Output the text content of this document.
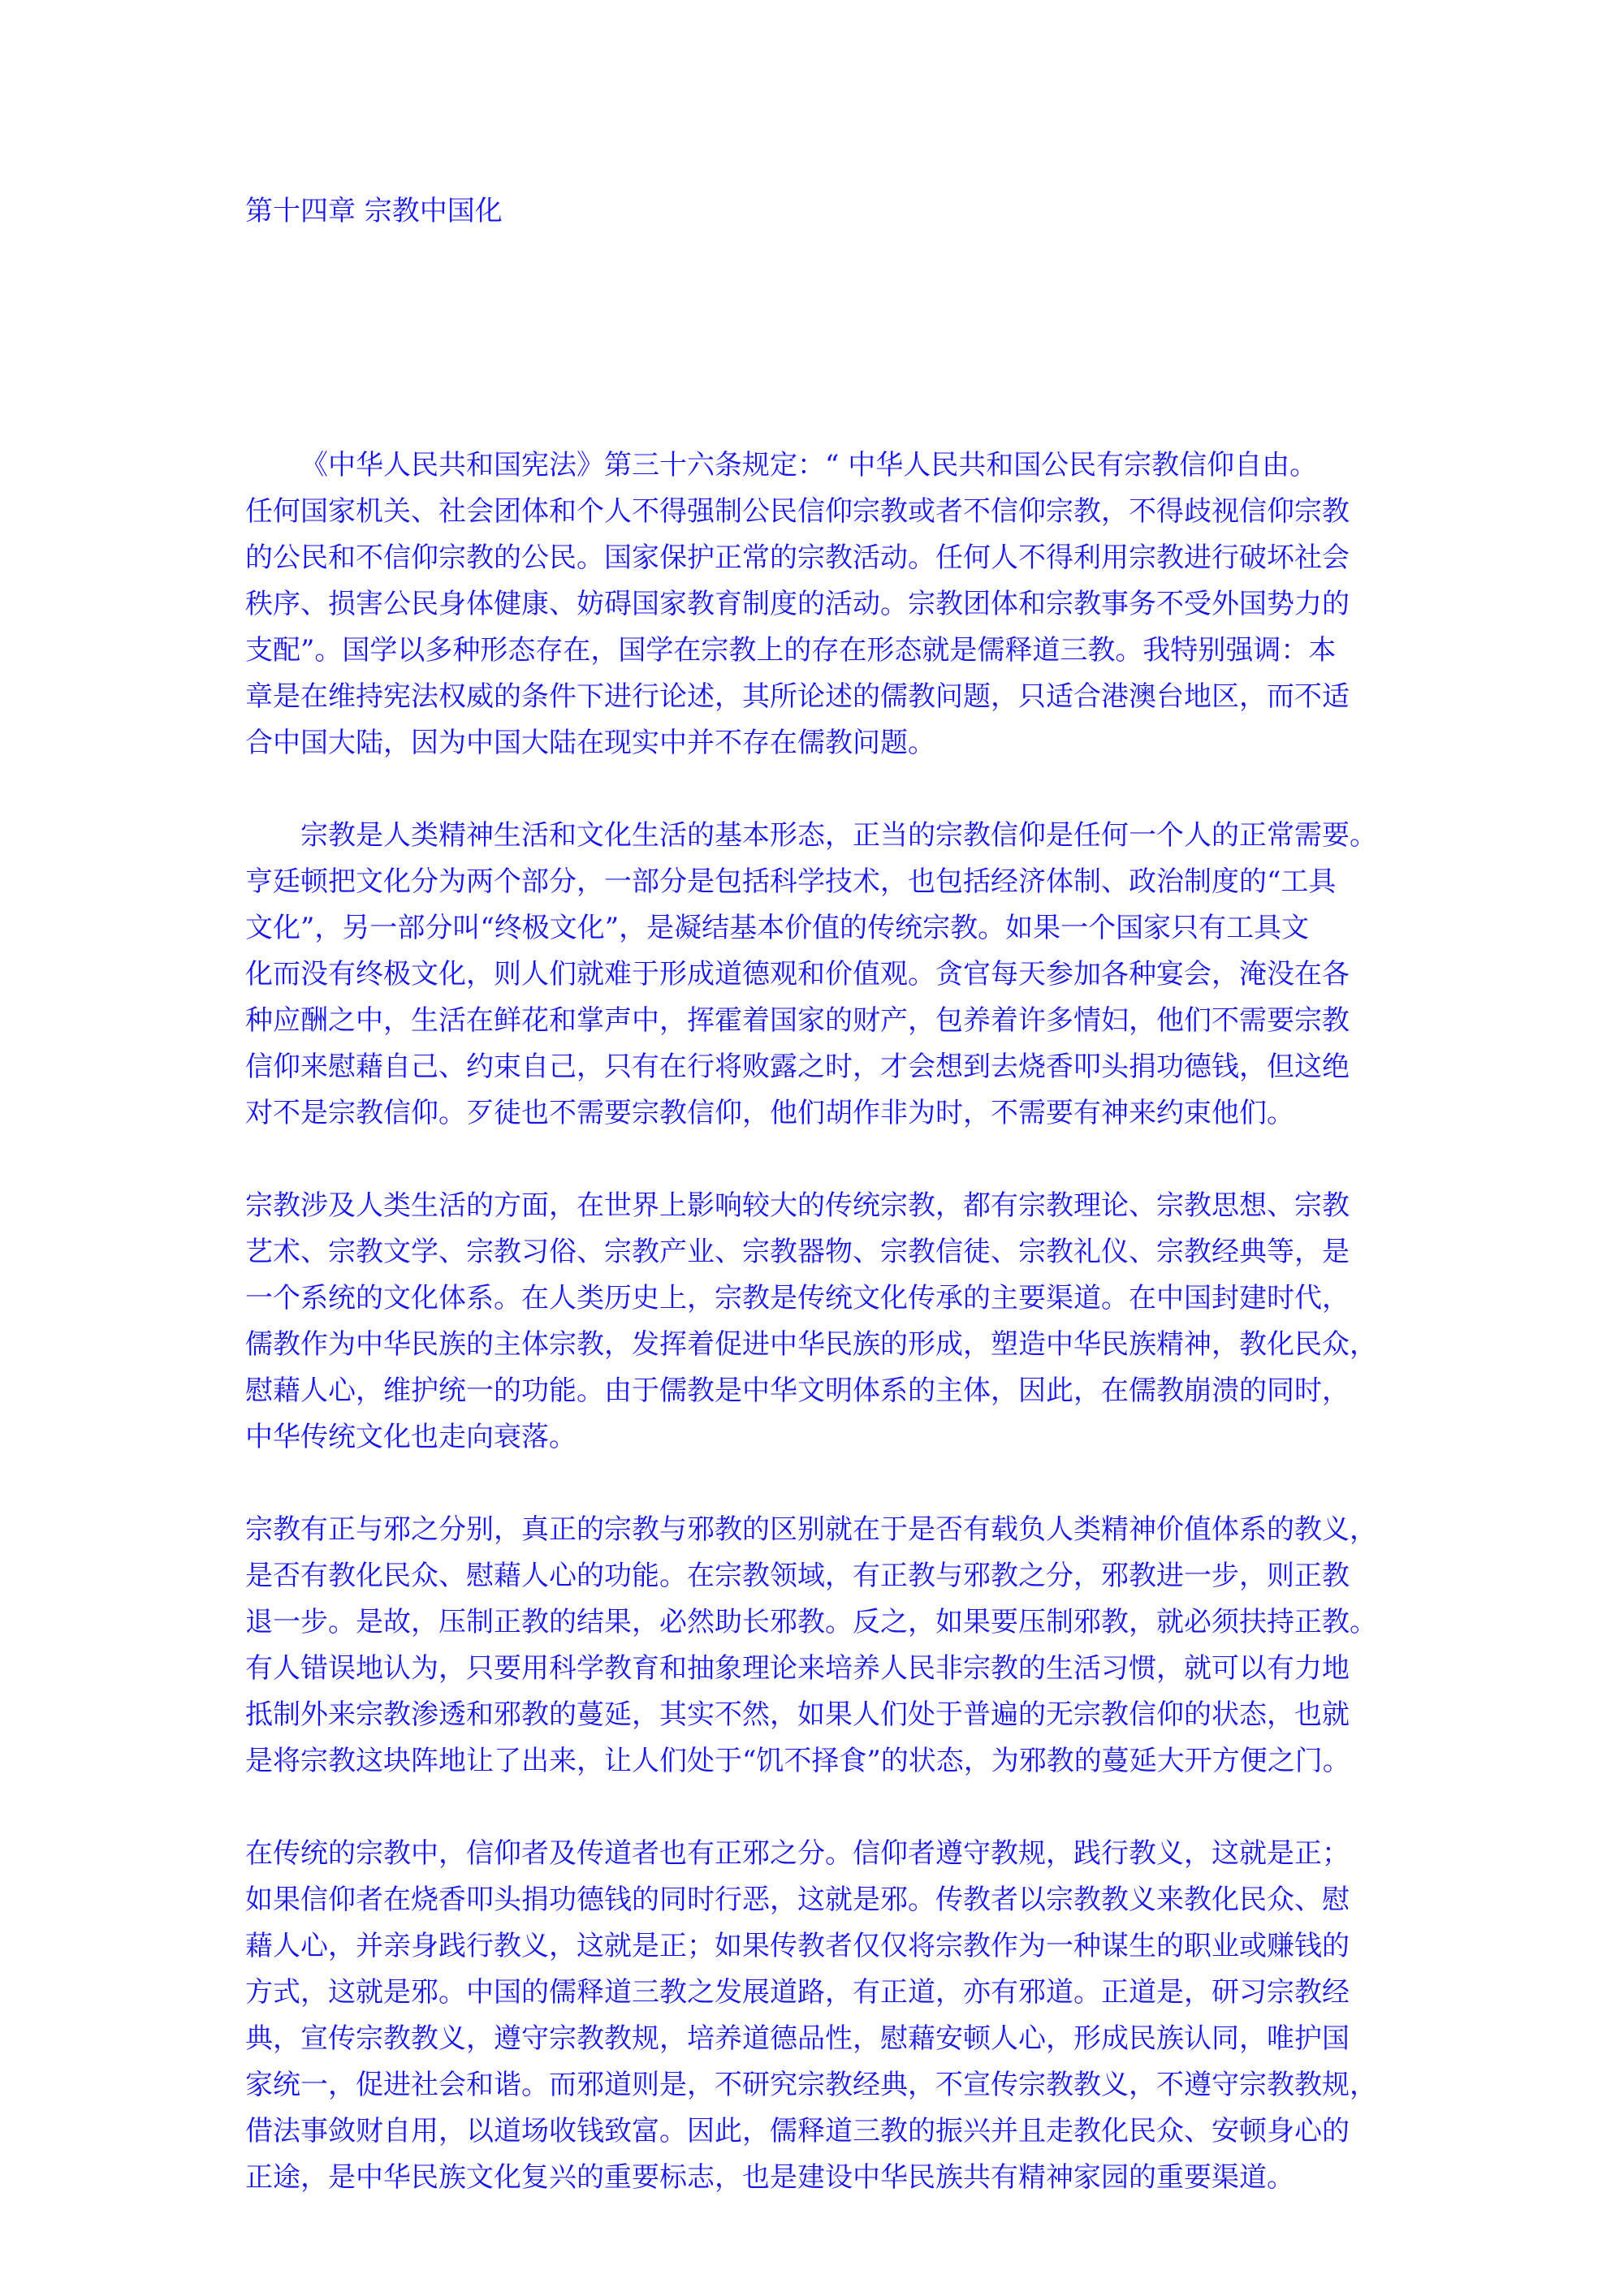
第十四章 宗教中国化

《中华人民共和国宪法》第三十六条规定：“ 中华人民共和国公民有宗教信仰自由。
任何国家机关、社会团体和个人不得强制公民信仰宗教或者不信仰宗教，不得歧视信仰宗教
的公民和不信仰宗教的公民。国家保护正常的宗教活动。任何人不得利用宗教进行破坏社会
秩序、损害公民身体健康、妨碍国家教育制度的活动。宗教团体和宗教事务不受外国势力的
支配”。国学以多种形态存在，国学在宗教上的存在形态就是儒释道三教。我特别强调：本
章是在维持宪法权威的条件下进行论述，其所论述的儒教问题，只适合港澳台地区，而不适
合中国大陆，因为中国大陆在现实中并不存在儒教问题。

宗教是人类精神生活和文化生活的基本形态，正当的宗教信仰是任何一个人的正常需要。
亨廷顿把文化分为两个部分，一部分是包括科学技术，也包括经济体制、政治制度的“工具
文化”，另一部分叫“终极文化”，是凝结基本价值的传统宗教。如果一个国家只有工具文
化而没有终极文化，则人们就难于形成道德观和价值观。贪官每天参加各种宴会，淹没在各
种应酬之中，生活在鲜花和掌声中，挥霍着国家的财产，包养着许多情妇，他们不需要宗教
信仰来慰藉自己、约束自己，只有在行将败露之时，才会想到去烧香叩头捐功德钱，但这绝
对不是宗教信仰。歹徒也不需要宗教信仰，他们胡作非为时，不需要有神来约束他们。

宗教涉及人类生活的方面，在世界上影响较大的传统宗教，都有宗教理论、宗教思想、宗教
艺术、宗教文学、宗教习俗、宗教产业、宗教器物、宗教信徒、宗教礼仪、宗教经典等，是
一个系统的文化体系。在人类历史上，宗教是传统文化传承的主要渠道。在中国封建时代，
儒教作为中华民族的主体宗教，发挥着促进中华民族的形成，塑造中华民族精神，教化民众，
慰藉人心，维护统一的功能。由于儒教是中华文明体系的主体，因此，在儒教崩溃的同时，
中华传统文化也走向衰落。

宗教有正与邪之分别，真正的宗教与邪教的区别就在于是否有载负人类精神价值体系的教义，
是否有教化民众、慰藉人心的功能。在宗教领域，有正教与邪教之分，邪教进一步，则正教
退一步。是故，压制正教的结果，必然助长邪教。反之，如果要压制邪教，就必须扶持正教。
有人错误地认为，只要用科学教育和抽象理论来培养人民非宗教的生活习惯，就可以有力地
抵制外来宗教渗透和邪教的蔓延，其实不然，如果人们处于普遍的无宗教信仰的状态，也就
是将宗教这块阵地让了出来，让人们处于“饥不择食”的状态，为邪教的蔓延大开方便之门。

在传统的宗教中，信仰者及传道者也有正邪之分。信仰者遵守教规，践行教义，这就是正；
如果信仰者在烧香叩头捐功德钱的同时行恶，这就是邪。传教者以宗教教义来教化民众、慰
藉人心，并亲身践行教义，这就是正；如果传教者仅仅将宗教作为一种谋生的职业或赚钱的
方式，这就是邪。中国的儒释道三教之发展道路，有正道，亦有邪道。正道是，研习宗教经
典，宣传宗教教义，遵守宗教教规，培养道德品性，慰藉安顿人心，形成民族认同，唯护国
家统一，促进社会和谐。而邪道则是，不研究宗教经典，不宣传宗教教义，不遵守宗教教规，
借法事敛财自用，以道场收钱致富。因此，儒释道三教的振兴并且走教化民众、安顿身心的
正途，是中华民族文化复兴的重要标志，也是建设中华民族共有精神家园的重要渠道。
